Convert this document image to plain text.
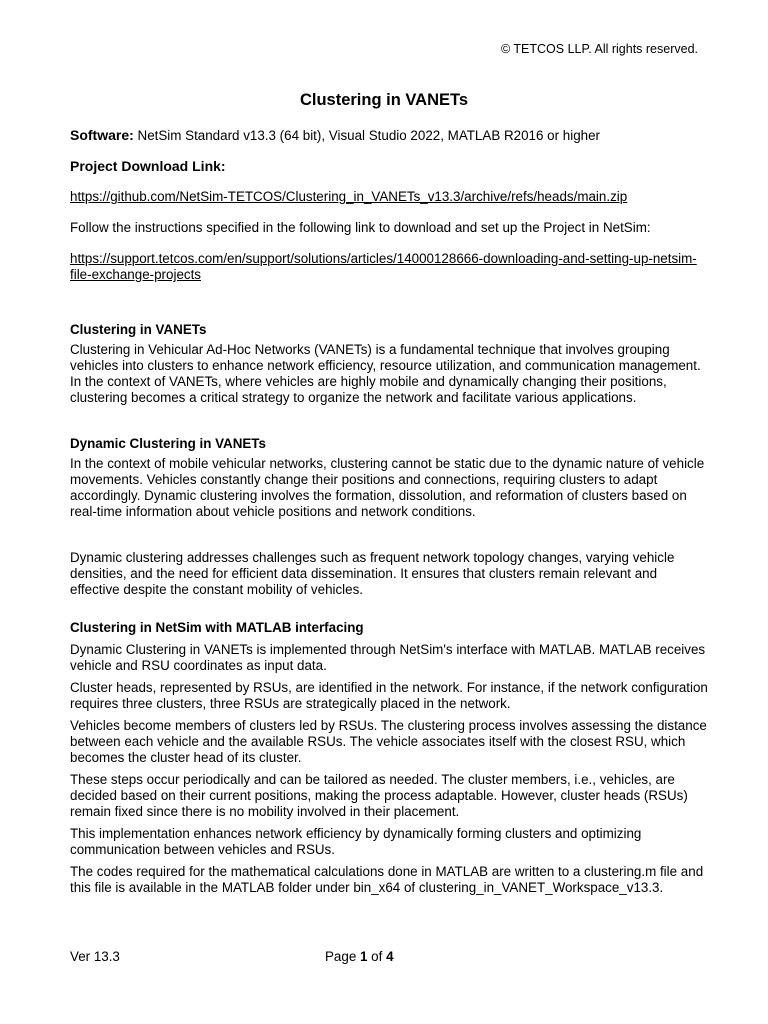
© TETCOS LLP. All rights reserved.
Clustering in VANETs

Software: NetSim Standard v13.3 (64 bit), Visual Studio 2022, MATLAB R2016 or higher

Project Download Link:

https://github.com/NetSim-TETCOS/Clustering_in_VANETs_v13.3/archive/refs/heads/main.zip

Follow the instructions specified in the following link to download and set up the Project in NetSim:

https://support.tetcos.com/en/support/solutions/articles/14000128666-downloading-and-setting-up-netsim-file-exchange-projects

Clustering in VANETs

Clustering in Vehicular Ad-Hoc Networks (VANETs) is a fundamental technique that involves grouping vehicles into clusters to enhance network efficiency, resource utilization, and communication management. In the context of VANETs, where vehicles are highly mobile and dynamically changing their positions, clustering becomes a critical strategy to organize the network and facilitate various applications.

Dynamic Clustering in VANETs

In the context of mobile vehicular networks, clustering cannot be static due to the dynamic nature of vehicle movements. Vehicles constantly change their positions and connections, requiring clusters to adapt accordingly. Dynamic clustering involves the formation, dissolution, and reformation of clusters based on real-time information about vehicle positions and network conditions.

Dynamic clustering addresses challenges such as frequent network topology changes, varying vehicle densities, and the need for efficient data dissemination. It ensures that clusters remain relevant and effective despite the constant mobility of vehicles.

Clustering in NetSim with MATLAB interfacing

Dynamic Clustering in VANETs is implemented through NetSim's interface with MATLAB. MATLAB receives vehicle and RSU coordinates as input data.

Cluster heads, represented by RSUs, are identified in the network. For instance, if the network configuration requires three clusters, three RSUs are strategically placed in the network.

Vehicles become members of clusters led by RSUs. The clustering process involves assessing the distance between each vehicle and the available RSUs. The vehicle associates itself with the closest RSU, which becomes the cluster head of its cluster.

These steps occur periodically and can be tailored as needed. The cluster members, i.e., vehicles, are decided based on their current positions, making the process adaptable. However, cluster heads (RSUs) remain fixed since there is no mobility involved in their placement.

This implementation enhances network efficiency by dynamically forming clusters and optimizing communication between vehicles and RSUs.

The codes required for the mathematical calculations done in MATLAB are written to a clustering.m file and this file is available in the MATLAB folder under bin_x64 of clustering_in_VANET_Workspace_v13.3.

Ver 13.3	Page 1 of 4
